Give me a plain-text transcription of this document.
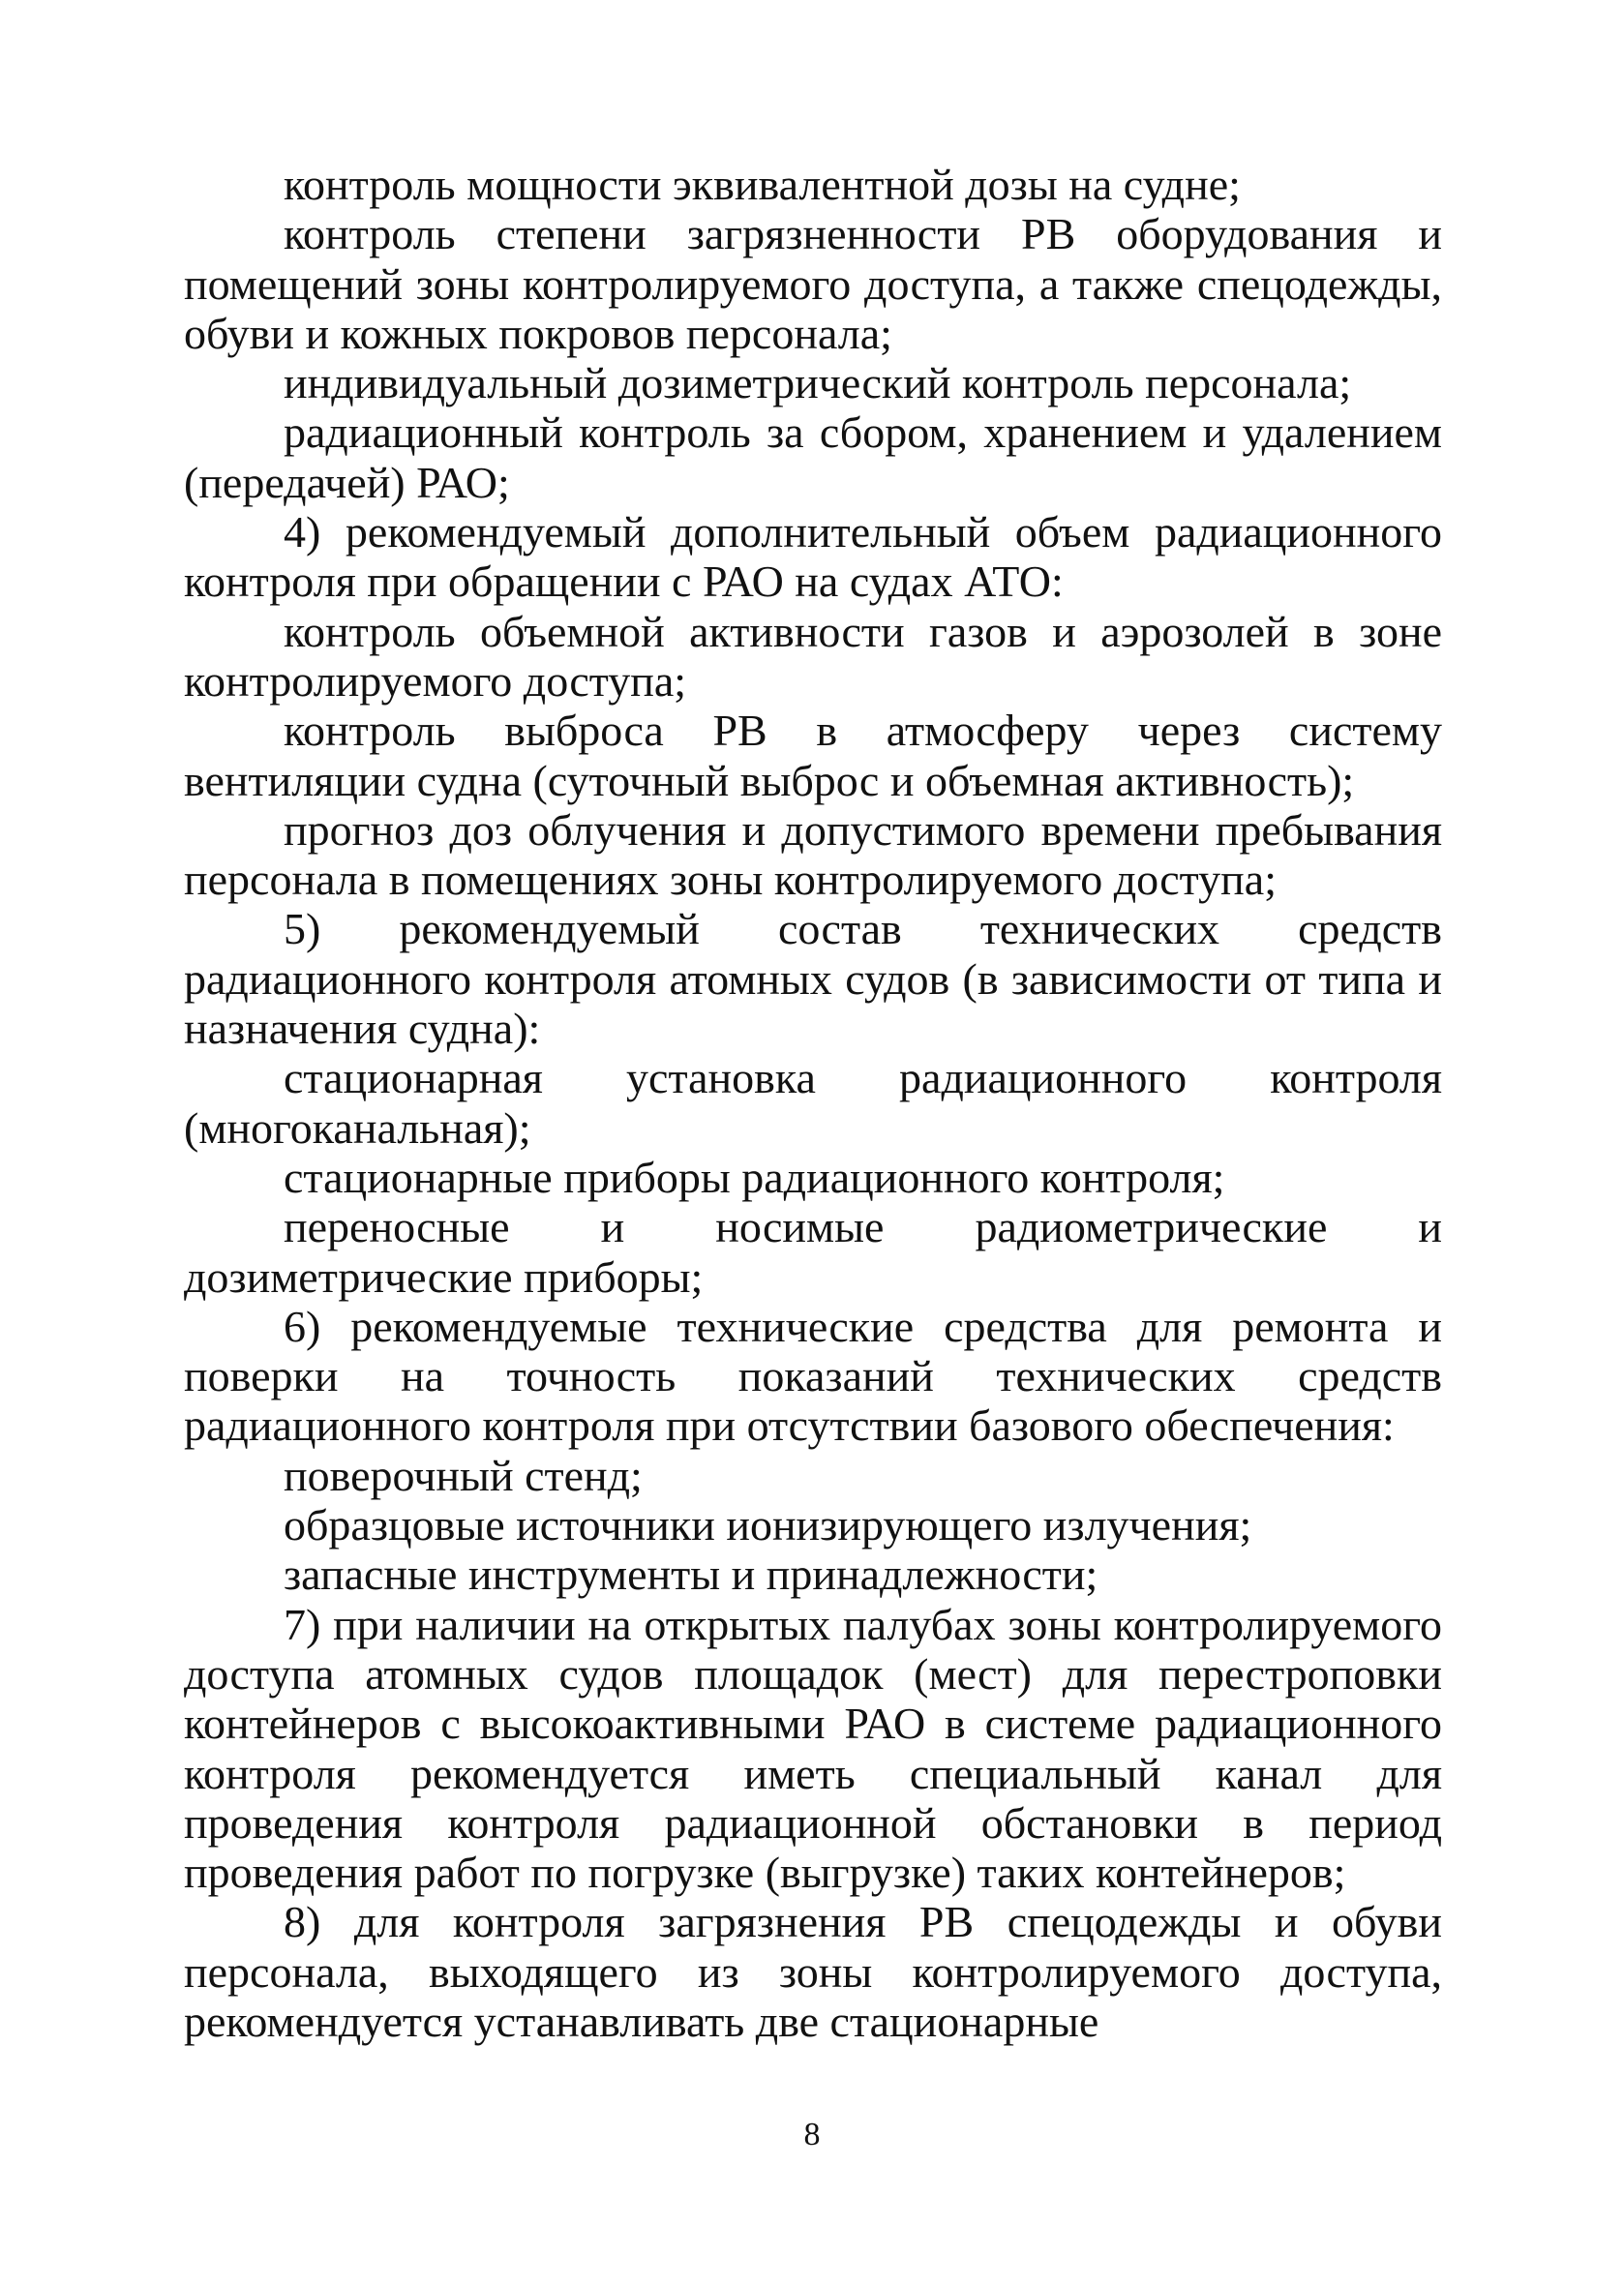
контроль мощности эквивалентной дозы на судне;

контроль степени загрязненности РВ оборудования и помещений зоны контролируемого доступа, а также спецодежды, обуви и кожных покровов персонала;

индивидуальный дозиметрический контроль персонала;

радиационный контроль за сбором, хранением и удалением (передачей) РАО;

4) рекомендуемый дополнительный объем радиационного контроля при обращении с РАО на судах АТО:

контроль объемной активности газов и аэрозолей в зоне контролируемого доступа;

контроль выброса РВ в атмосферу через систему вентиляции судна (суточный выброс и объемная активность);

прогноз доз облучения и допустимого времени пребывания персонала в помещениях зоны контролируемого доступа;

5) рекомендуемый состав технических средств радиационного контроля атомных судов (в зависимости от типа и назначения судна):

стационарная установка радиационного контроля (многоканальная);

стационарные приборы радиационного контроля;

переносные и носимые радиометрические и дозиметрические приборы;

6) рекомендуемые технические средства для ремонта и поверки на точность показаний технических средств радиационного контроля при отсутствии базового обеспечения:

поверочный стенд;

образцовые источники ионизирующего излучения;

запасные инструменты и принадлежности;

7) при наличии на открытых палубах зоны контролируемого доступа атомных судов площадок (мест) для перестроповки контейнеров с высокоактивными РАО в системе радиационного контроля рекомендуется иметь специальный канал для проведения контроля радиационной обстановки в период проведения работ по погрузке (выгрузке) таких контейнеров;

8) для контроля загрязнения РВ спецодежды и обуви персонала, выходящего из зоны контролируемого доступа, рекомендуется устанавливать две стационарные

8
